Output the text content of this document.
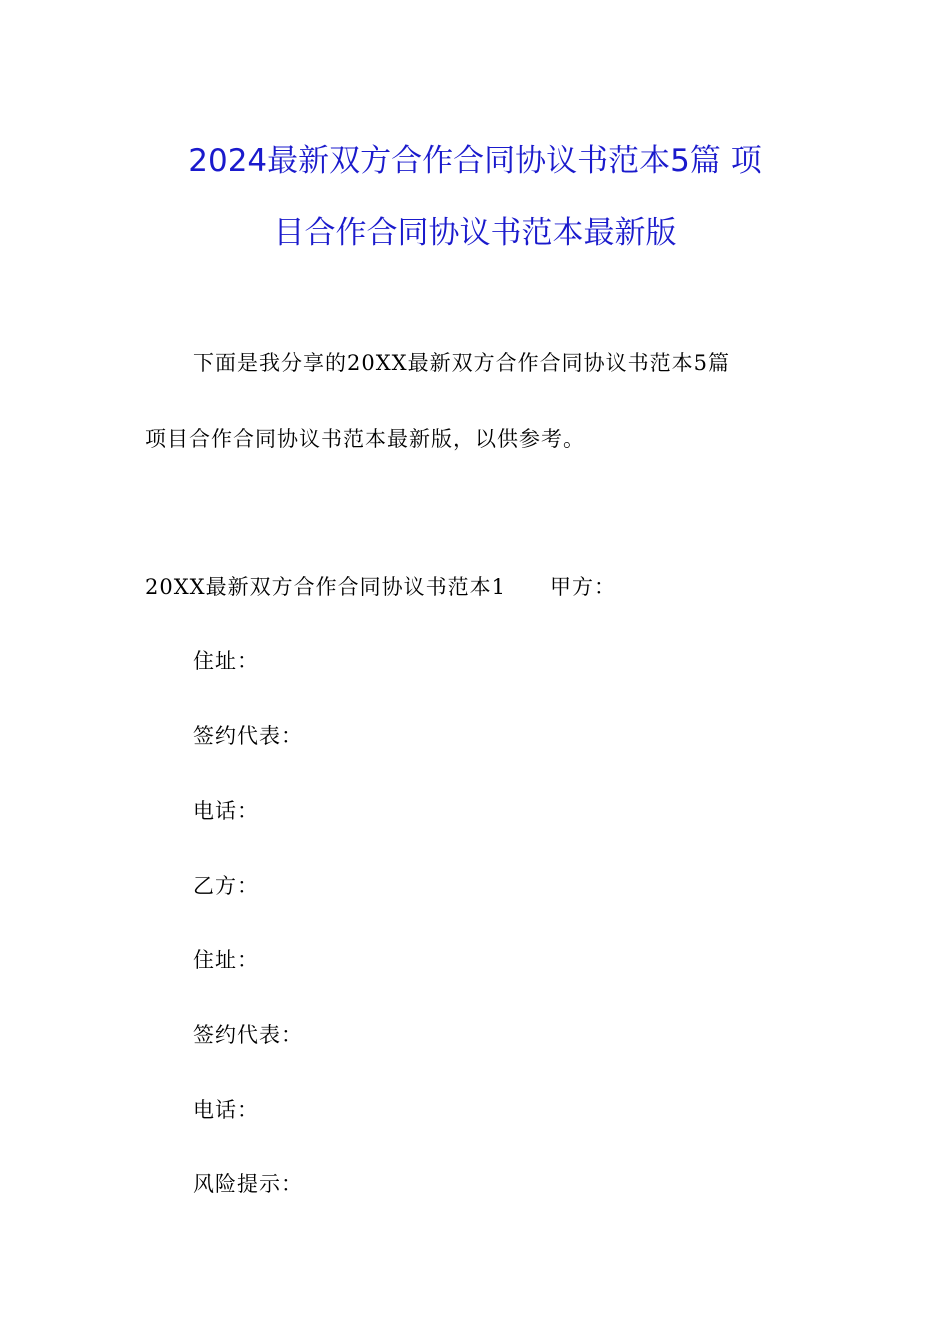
2024最新双方合作合同协议书范本5篇 项
目合作合同协议书范本最新版
下面是我分享的20XX最新双方合作合同协议书范本5篇
项目合作合同协议书范本最新版，以供参考。
20XX最新双方合作合同协议书范本1 甲方：
住址：
签约代表：
电话：
乙方：
住址：
签约代表：
电话：
风险提示：
